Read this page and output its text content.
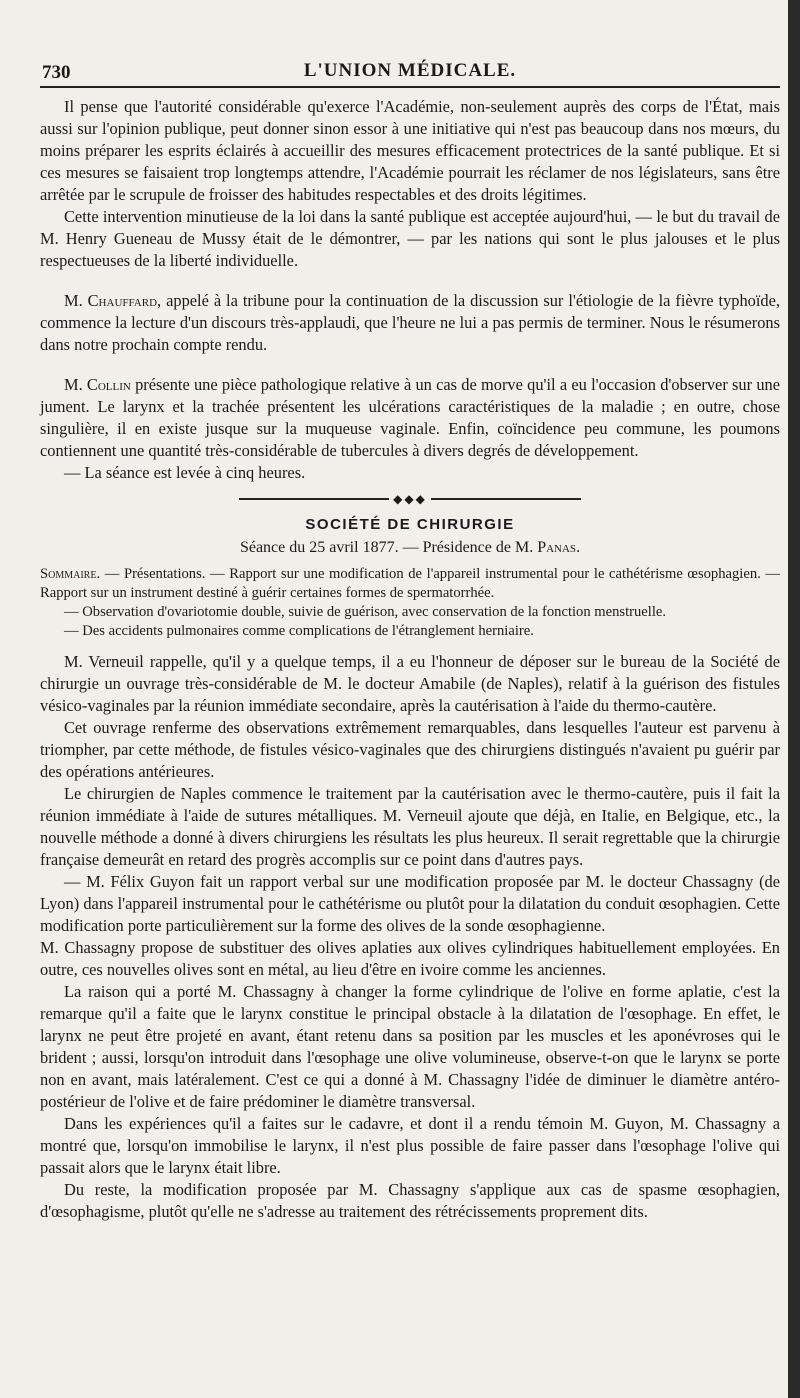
730	L'UNION MÉDICALE.

Il pense que l'autorité considérable qu'exerce l'Académie, non-seulement auprès des corps de l'État, mais aussi sur l'opinion publique, peut donner sinon essor à une initiative qui n'est pas beaucoup dans nos mœurs, du moins préparer les esprits éclairés à accueillir des mesures efficacement protectrices de la santé publique. Et si ces mesures se faisaient trop longtemps attendre, l'Académie pourrait les réclamer de nos législateurs, sans être arrêtée par le scrupule de froisser des habitudes respectables et des droits légitimes.

Cette intervention minutieuse de la loi dans la santé publique est acceptée aujourd'hui, — le but du travail de M. Henry Gueneau de Mussy était de le démontrer, — par les nations qui sont le plus jalouses et le plus respectueuses de la liberté individuelle.

M. Chauffard, appelé à la tribune pour la continuation de la discussion sur l'étiologie de la fièvre typhoïde, commence la lecture d'un discours très-applaudi, que l'heure ne lui a pas permis de terminer. Nous le résumerons dans notre prochain compte rendu.

M. Collin présente une pièce pathologique relative à un cas de morve qu'il a eu l'occasion d'observer sur une jument. Le larynx et la trachée présentent les ulcérations caractéristiques de la maladie ; en outre, chose singulière, il en existe jusque sur la muqueuse vaginale. Enfin, coïncidence peu commune, les poumons contiennent une quantité très-considérable de tubercules à divers degrés de développement.

— La séance est levée à cinq heures.

◆◆◆
SOCIÉTÉ DE CHIRURGIE
Séance du 25 avril 1877. — Présidence de M. Panas.

Sommaire. — Présentations. — Rapport sur une modification de l'appareil instrumental pour le cathétérisme œsophagien. — Rapport sur un instrument destiné à guérir certaines formes de spermatorrhée.

— Observation d'ovariotomie double, suivie de guérison, avec conservation de la fonction menstruelle.

— Des accidents pulmonaires comme complications de l'étranglement herniaire.

M. Verneuil rappelle, qu'il y a quelque temps, il a eu l'honneur de déposer sur le bureau de la Société de chirurgie un ouvrage très-considérable de M. le docteur Amabile (de Naples), relatif à la guérison des fistules vésico-vaginales par la réunion immédiate secondaire, après la cautérisation à l'aide du thermo-cautère.

Cet ouvrage renferme des observations extrêmement remarquables, dans lesquelles l'auteur est parvenu à triompher, par cette méthode, de fistules vésico-vaginales que des chirurgiens distingués n'avaient pu guérir par des opérations antérieures.

Le chirurgien de Naples commence le traitement par la cautérisation avec le thermo-cautère, puis il fait la réunion immédiate à l'aide de sutures métalliques. M. Verneuil ajoute que déjà, en Italie, en Belgique, etc., la nouvelle méthode a donné à divers chirurgiens les résultats les plus heureux. Il serait regrettable que la chirurgie française demeurât en retard des progrès accomplis sur ce point dans d'autres pays.

— M. Félix Guyon fait un rapport verbal sur une modification proposée par M. le docteur Chassagny (de Lyon) dans l'appareil instrumental pour le cathétérisme ou plutôt pour la dilatation du conduit œsophagien. Cette modification porte particulièrement sur la forme des olives de la sonde œsophagienne.

M. Chassagny propose de substituer des olives aplaties aux olives cylindriques habituellement employées. En outre, ces nouvelles olives sont en métal, au lieu d'être en ivoire comme les anciennes.

La raison qui a porté M. Chassagny à changer la forme cylindrique de l'olive en forme aplatie, c'est la remarque qu'il a faite que le larynx constitue le principal obstacle à la dilatation de l'œsophage. En effet, le larynx ne peut être projeté en avant, étant retenu dans sa position par les muscles et les aponévroses qui le brident ; aussi, lorsqu'on introduit dans l'œsophage une olive volumineuse, observe-t-on que le larynx se porte non en avant, mais latéralement. C'est ce qui a donné à M. Chassagny l'idée de diminuer le diamètre antéro-postérieur de l'olive et de faire prédominer le diamètre transversal.

Dans les expériences qu'il a faites sur le cadavre, et dont il a rendu témoin M. Guyon, M. Chassagny a montré que, lorsqu'on immobilise le larynx, il n'est plus possible de faire passer dans l'œsophage l'olive qui passait alors que le larynx était libre.

Du reste, la modification proposée par M. Chassagny s'applique aux cas de spasme œsophagien, d'œsophagisme, plutôt qu'elle ne s'adresse au traitement des rétrécissements proprement dits.
